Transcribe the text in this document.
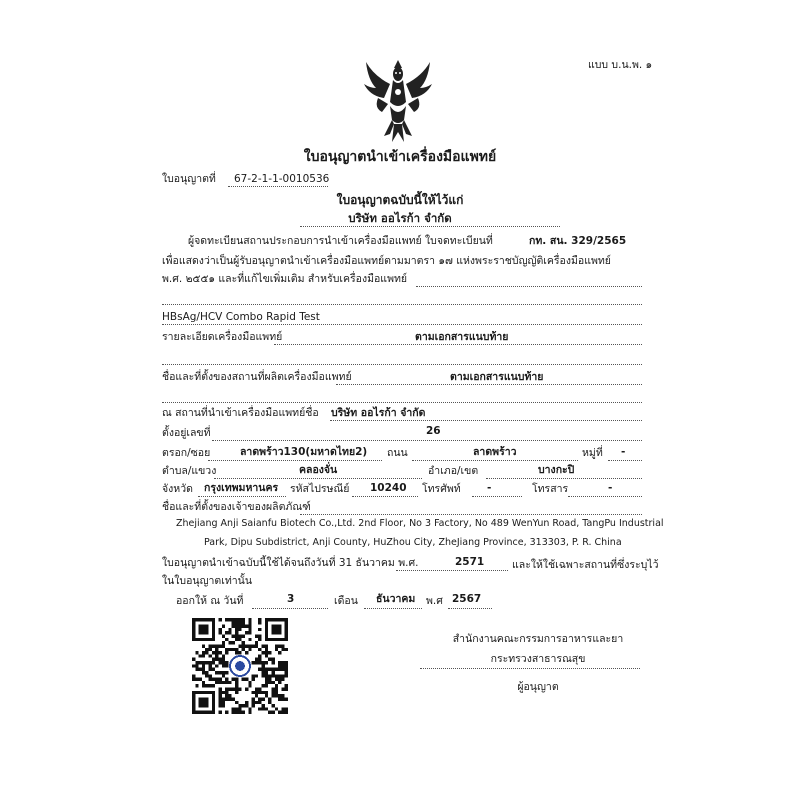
แบบ บ.น.พ. ๑
ใบอนุญาตนำเข้าเครื่องมือแพทย์
ใบอนุญาตที่ 67-2-1-1-0010536
ใบอนุญาตฉบับนี้ให้ไว้แก่
บริษัท ออไรก้า จำกัด
ผู้จดทะเบียนสถานประกอบการนำเข้าเครื่องมือแพทย์ ใบจดทะเบียนที่	กท. สน. 329/2565
เพื่อแสดงว่าเป็นผู้รับอนุญาตนำเข้าเครื่องมือแพทย์ตามมาตรา ๑๗ แห่งพระราชบัญญัติเครื่องมือแพทย์
พ.ศ. ๒๕๕๑ และที่แก้ไขเพิ่มเติม สำหรับเครื่องมือแพทย์
HBsAg/HCV Combo Rapid Test
รายละเอียดเครื่องมือแพทย์	ตามเอกสารแนบท้าย
ชื่อและที่ตั้งของสถานที่ผลิตเครื่องมือแพทย์	ตามเอกสารแนบท้าย
ณ สถานที่นำเข้าเครื่องมือแพทย์ชื่อ บริษัท ออไรก้า จำกัด
ตั้งอยู่เลขที่	26
ตรอก/ซอย	ลาดพร้าว130(มหาดไทย2) ถนน	ลาดพร้าว	หมู่ที่ -
ตำบล/แขวง	คลองจั่น	อำเภอ/เขต	บางกะปิ
จังหวัด กรุงเทพมหานคร รหัสไปรษณีย์ 10240 โทรศัพท์	-	โทรสาร	-
ชื่อและที่ตั้งของเจ้าของผลิตภัณฑ์
Zhejiang Anji Saianfu Biotech Co.,Ltd. 2nd Floor, No 3 Factory, No 489 WenYun Road, TangPu Industrial
Park, Dipu Subdistrict, Anji County, HuZhou City, ZheJiang Province, 313303, P. R. China
ใบอนุญาตนำเข้าฉบับนี้ใช้ได้จนถึงวันที่ 31 ธันวาคม พ.ศ.	2571	และให้ใช้เฉพาะสถานที่ซึ่งระบุไว้
ในใบอนุญาตเท่านั้น
ออกให้ ณ วันที่	3	เดือน ธันวาคม พ.ศ 2567
สำนักงานคณะกรรมการอาหารและยา
กระทรวงสาธารณสุข
ผู้อนุญาต
